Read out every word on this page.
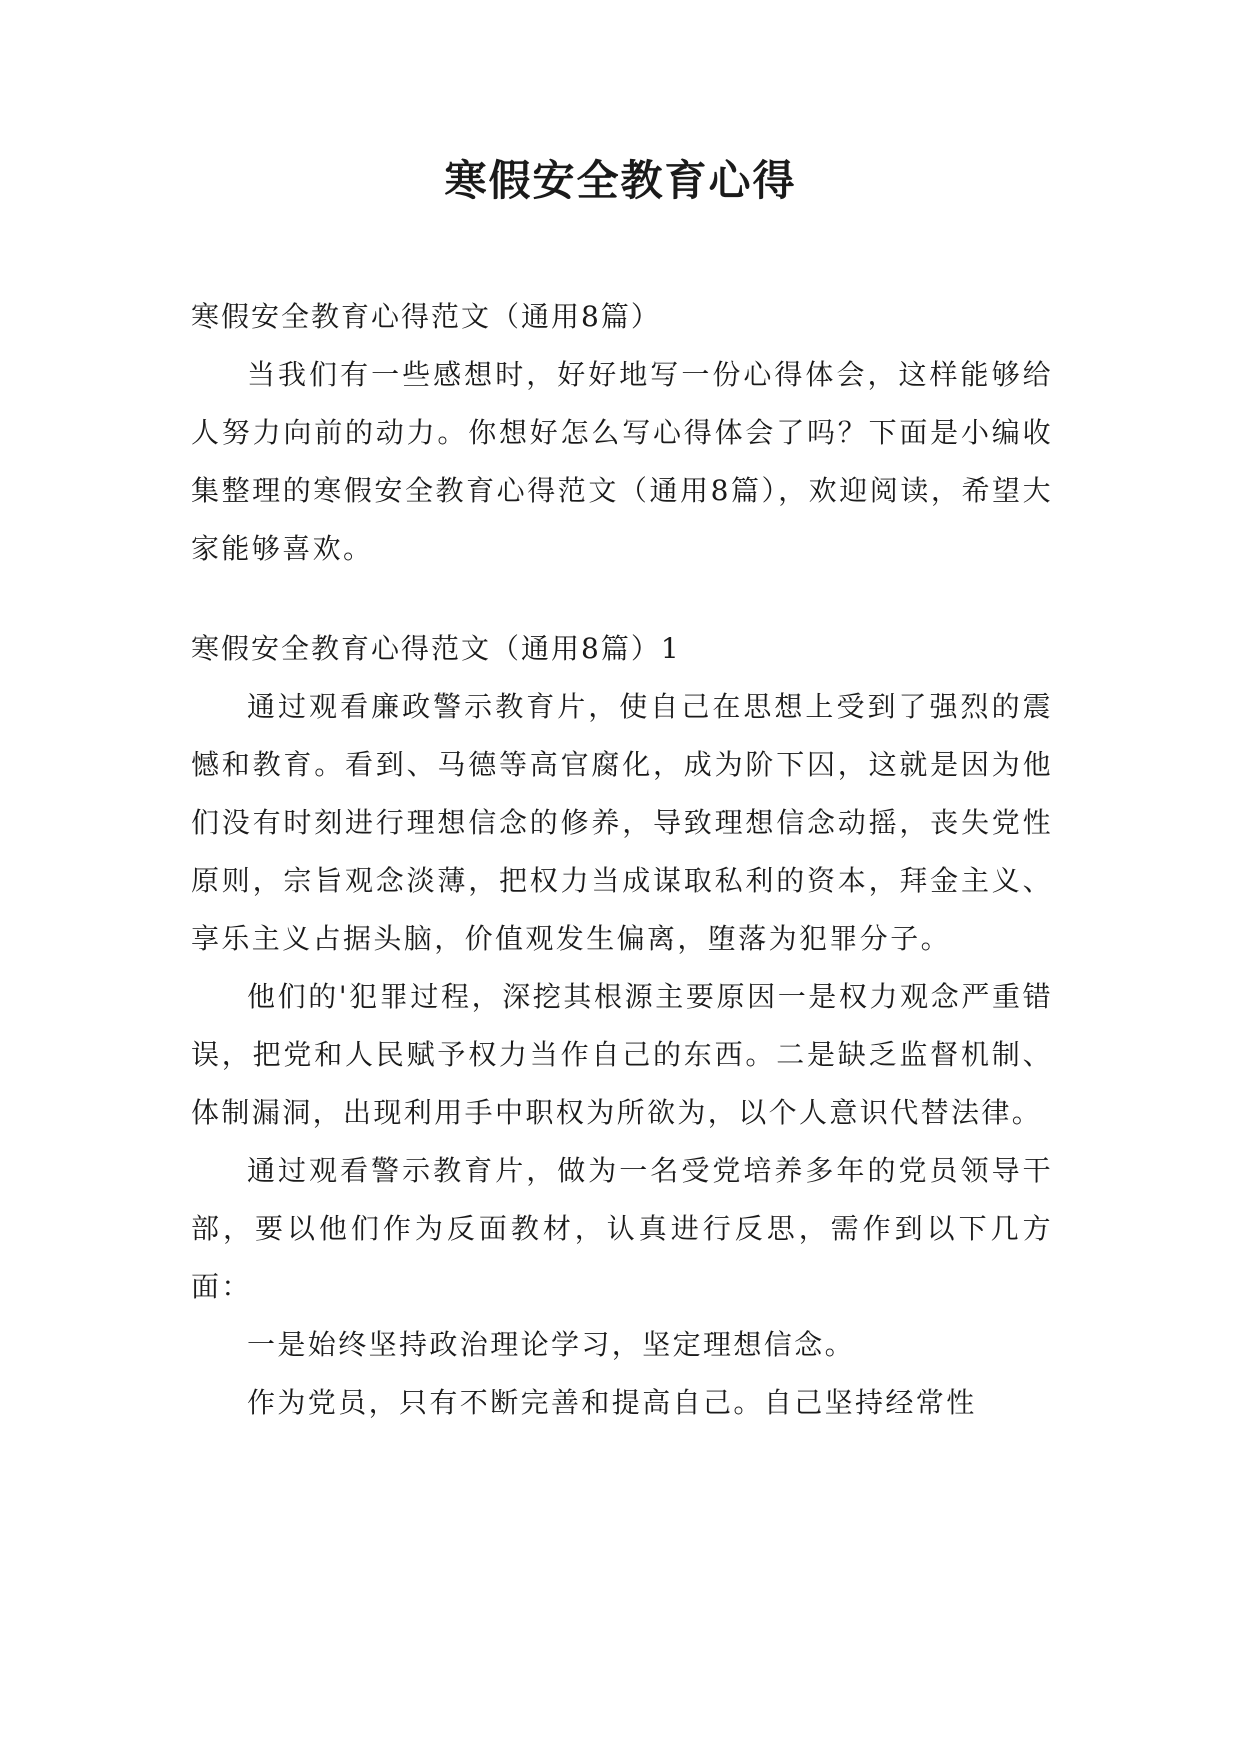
寒假安全教育心得

寒假安全教育心得范文（通用8篇）

当我们有一些感想时，好好地写一份心得体会，这样能够给人努力向前的动力。你想好怎么写心得体会了吗？下面是小编收集整理的寒假安全教育心得范文（通用8篇），欢迎阅读，希望大家能够喜欢。

寒假安全教育心得范文（通用8篇）1

通过观看廉政警示教育片，使自己在思想上受到了强烈的震憾和教育。看到、马德等高官腐化，成为阶下囚，这就是因为他们没有时刻进行理想信念的修养，导致理想信念动摇，丧失党性原则，宗旨观念淡薄，把权力当成谋取私利的资本，拜金主义、享乐主义占据头脑，价值观发生偏离，堕落为犯罪分子。

他们的'犯罪过程，深挖其根源主要原因一是权力观念严重错误，把党和人民赋予权力当作自己的东西。二是缺乏监督机制、体制漏洞，出现利用手中职权为所欲为，以个人意识代替法律。

通过观看警示教育片，做为一名受党培养多年的党员领导干部，要以他们作为反面教材，认真进行反思，需作到以下几方面：

一是始终坚持政治理论学习，坚定理想信念。

作为党员，只有不断完善和提高自己。自己坚持经常性
